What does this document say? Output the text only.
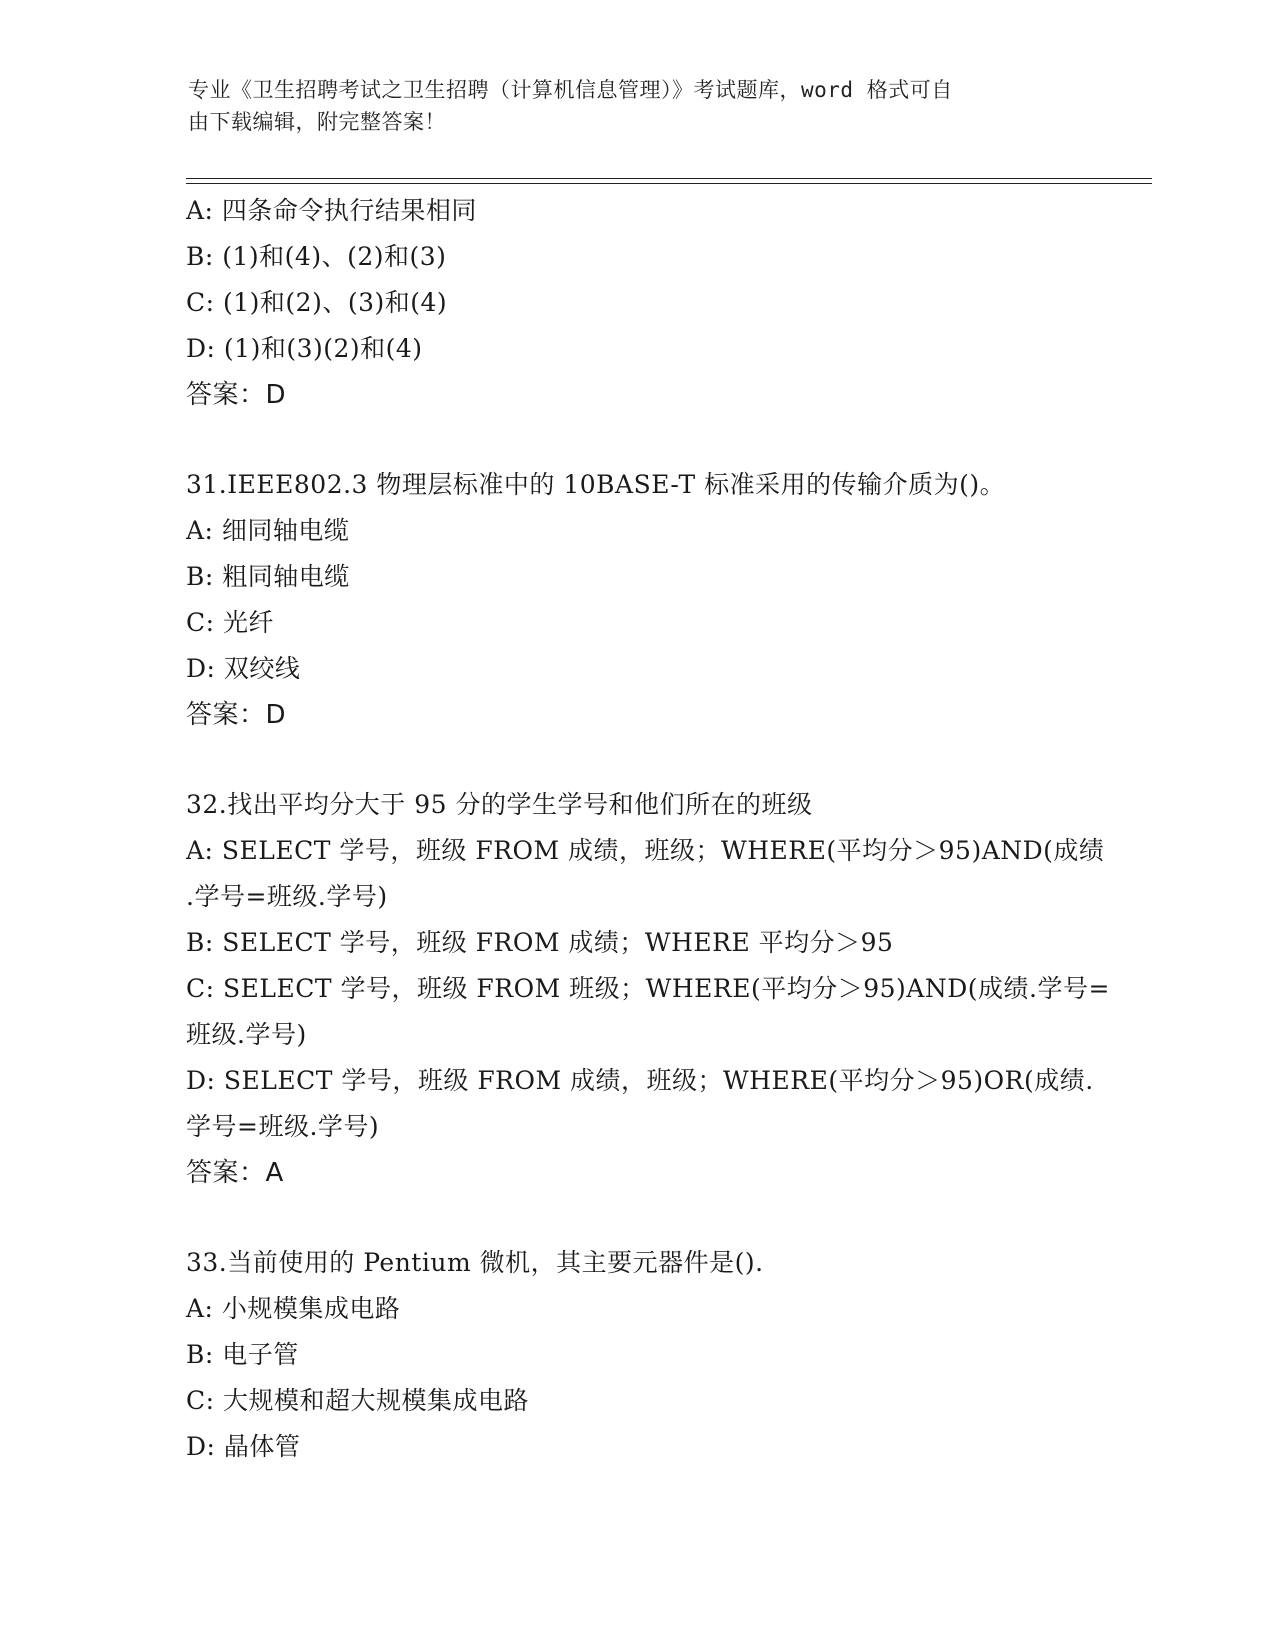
专业《卫生招聘考试之卫生招聘（计算机信息管理）》考试题库，word 格式可自
由下载编辑，附完整答案！
A: 四条命令执行结果相同
B: (1)和(4)、(2)和(3)
C: (1)和(2)、(3)和(4)
D: (1)和(3)(2)和(4)
答案：D
31.IEEE802.3 物理层标准中的 10BASE-T 标准采用的传输介质为()。
A: 细同轴电缆
B: 粗同轴电缆
C: 光纤
D: 双绞线
答案：D
32.找出平均分大于 95 分的学生学号和他们所在的班级
A: SELECT 学号，班级 FROM 成绩，班级；WHERE(平均分＞95)AND(成绩
.学号=班级.学号)
B: SELECT 学号，班级 FROM 成绩；WHERE 平均分＞95
C: SELECT 学号，班级 FROM 班级；WHERE(平均分＞95)AND(成绩.学号=
班级.学号)
D: SELECT 学号，班级 FROM 成绩，班级；WHERE(平均分＞95)OR(成绩.
学号=班级.学号)
答案：A
33.当前使用的 Pentium 微机，其主要元器件是().
A: 小规模集成电路
B: 电子管
C: 大规模和超大规模集成电路
D: 晶体管
